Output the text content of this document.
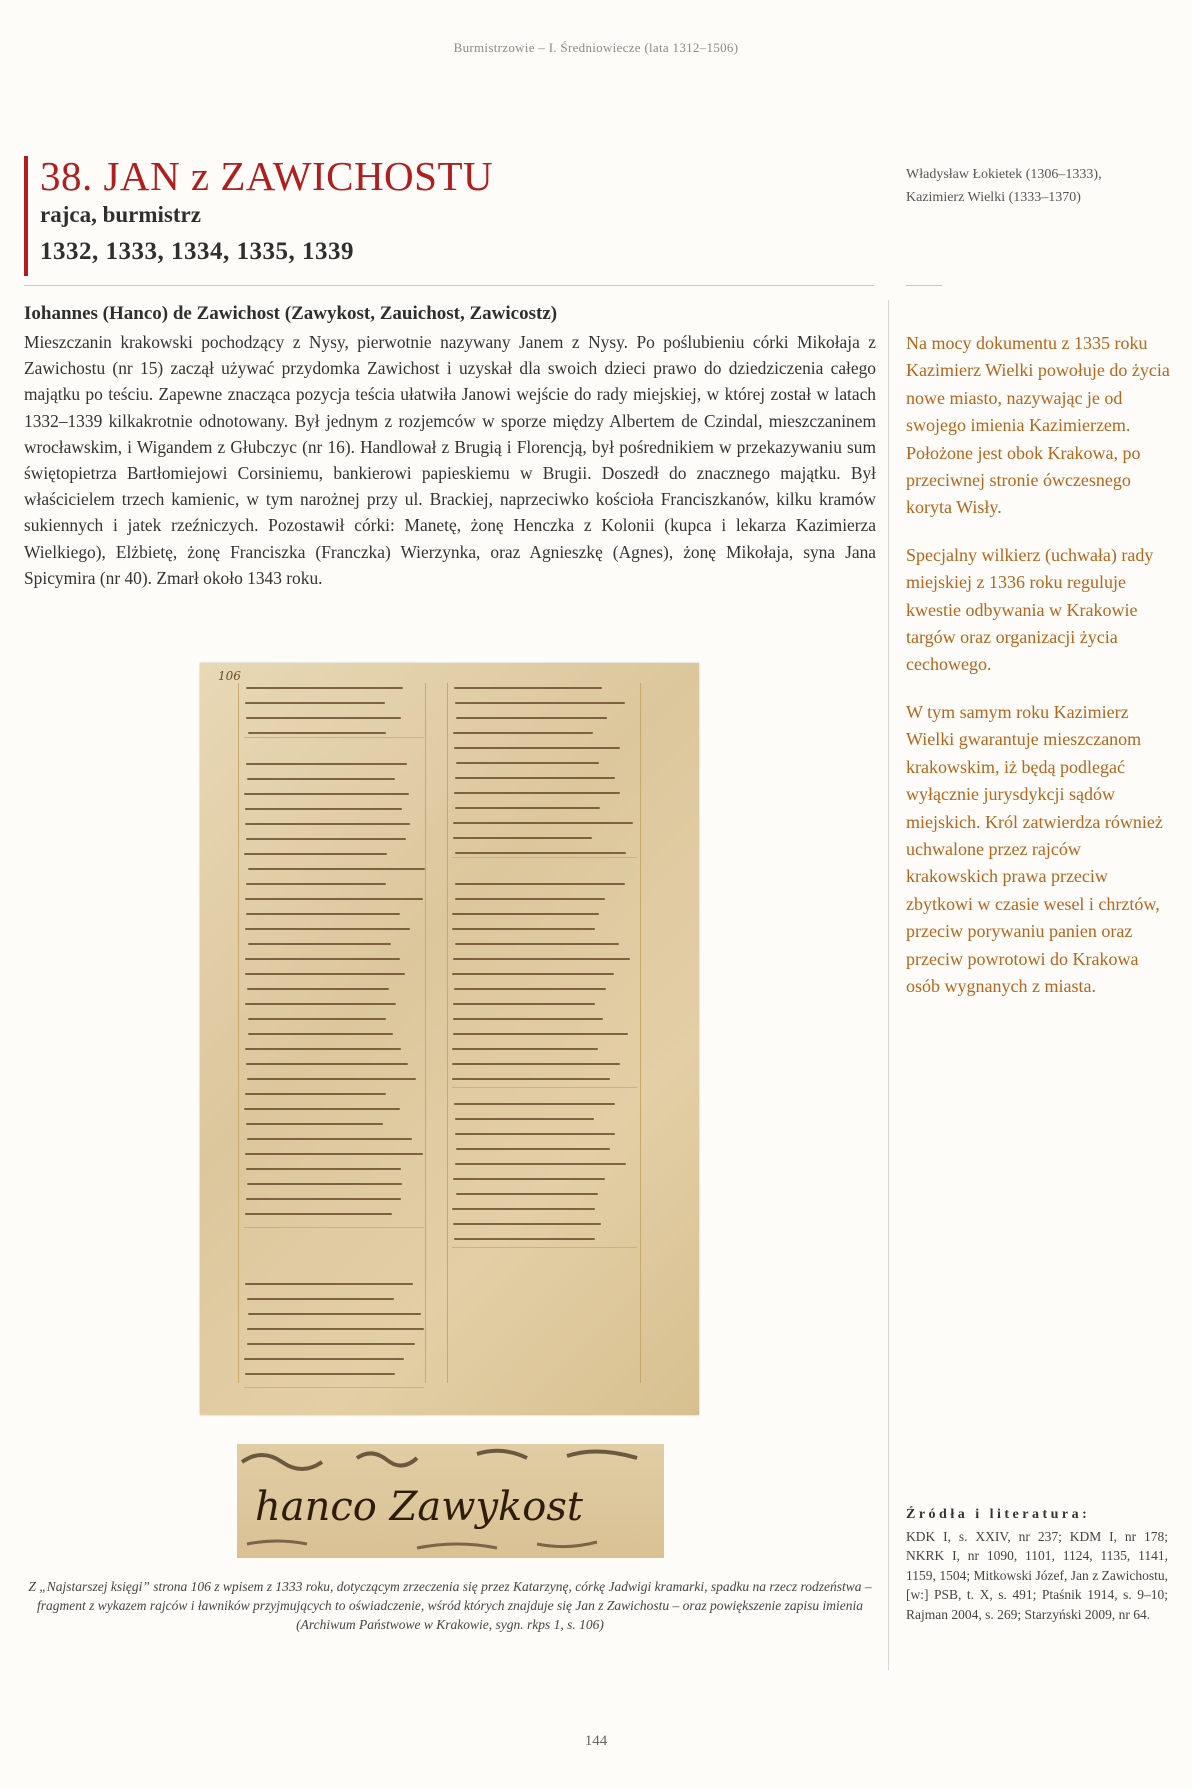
Burmistrzowie – I. Średniowiecze (lata 1312–1506)
38. JAN z ZAWICHOSTU
rajca, burmistrz
1332, 1333, 1334, 1335, 1339
Władysław Łokietek (1306–1333),
Kazimierz Wielki (1333–1370)
Iohannes (Hanco) de Zawichost (Zawykost, Zauichost, Zawicostz)

Mieszczanin krakowski pochodzący z Nysy, pierwotnie nazywany Janem z Nysy. Po poślubieniu córki Mikołaja z Zawichostu (nr 15) zaczął używać przydomka Zawichost i uzyskał dla swoich dzieci prawo do dziedziczenia całego majątku po teściu. Zapewne znacząca pozycja teścia ułatwiła Janowi wejście do rady miejskiej, w której został w latach 1332–1339 kilkakrotnie odnotowany. Był jednym z rozjemców w sporze między Albertem de Czindal, mieszczaninem wrocławskim, i Wigandem z Głubczyc (nr 16). Handlował z Brugią i Florencją, był pośrednikiem w przekazywaniu sum świętopietrza Bartłomiejowi Corsiniemu, bankierowi papieskiemu w Brugii. Doszedł do znacznego majątku. Był właścicielem trzech kamienic, w tym narożnej przy ul. Brackiej, naprzeciwko kościoła Franciszkanów, kilku kramów sukiennych i jatek rzeźniczych. Pozostawił córki: Manetę, żonę Henczka z Kolonii (kupca i lekarza Kazimierza Wielkiego), Elżbietę, żonę Franciszka (Franczka) Wierzynka, oraz Agnieszkę (Agnes), żonę Mikołaja, syna Jana Spicymira (nr 40). Zmarł około 1343 roku.

Na mocy dokumentu z 1335 roku Kazimierz Wielki powołuje do życia nowe miasto, nazywając je od swojego imienia Kazimierzem. Położone jest obok Krakowa, po przeciwnej stronie ówczesnego koryta Wisły.

Specjalny wilkierz (uchwała) rady miejskiej z 1336 roku reguluje kwestie odbywania w Krakowie targów oraz organizacji życia cechowego.

W tym samym roku Kazimierz Wielki gwarantuje mieszczanom krakowskim, iż będą podlegać wyłącznie jurysdykcji sądów miejskich. Król zatwierdza również uchwalone przez rajców krakowskich prawa przeciw zbytkowi w czasie wesel i chrztów, przeciw porywaniu panien oraz przeciw powrotowi do Krakowa osób wygnanych z miasta.

106
hanco Zawykost

Z „Najstarszej księgi” strona 106 z wpisem z 1333 roku, dotyczącym zrzeczenia się przez Katarzynę, córkę Jadwigi kramarki, spadku na rzecz rodzeństwa – fragment z wykazem rajców i ławników przyjmujących to oświadczenie, wśród których znajduje się Jan z Zawichostu – oraz powiększenie zapisu imienia (Archiwum Państwowe w Krakowie, sygn. rkps 1, s. 106)

Źródła i literatura:

KDK I, s. XXIV, nr 237; KDM I, nr 178; NKRK I, nr 1090, 1101, 1124, 1135, 1141, 1159, 1504; Mitkowski Józef, Jan z Zawichostu, [w:] PSB, t. X, s. 491; Ptaśnik 1914, s. 9–10; Rajman 2004, s. 269; Starzyński 2009, nr 64.

144
